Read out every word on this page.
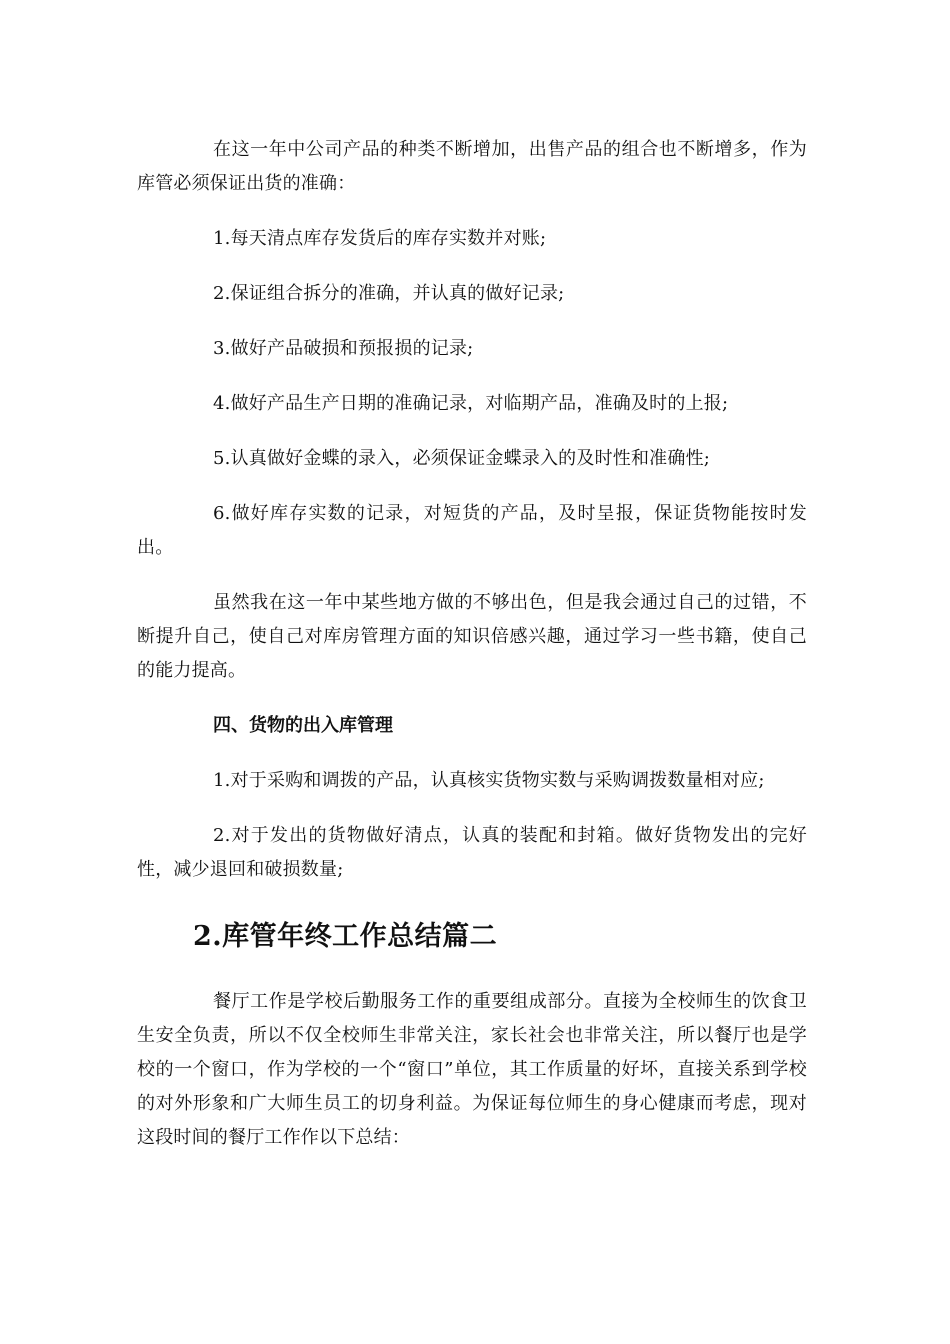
在这一年中公司产品的种类不断增加，出售产品的组合也不断增多，作为库管必须保证出货的准确：

1.每天清点库存发货后的库存实数并对账;

2.保证组合拆分的准确，并认真的做好记录;

3.做好产品破损和预报损的记录;

4.做好产品生产日期的准确记录，对临期产品，准确及时的上报;

5.认真做好金蝶的录入，必须保证金蝶录入的及时性和准确性;

6.做好库存实数的记录，对短货的产品，及时呈报，保证货物能按时发出。

虽然我在这一年中某些地方做的不够出色，但是我会通过自己的过错，不断提升自己，使自己对库房管理方面的知识倍感兴趣，通过学习一些书籍，使自己的能力提高。

四、货物的出入库管理

1.对于采购和调拨的产品，认真核实货物实数与采购调拨数量相对应;

2.对于发出的货物做好清点，认真的装配和封箱。做好货物发出的完好性，减少退回和破损数量;

2.库管年终工作总结篇二

餐厅工作是学校后勤服务工作的重要组成部分。直接为全校师生的饮食卫生安全负责，所以不仅全校师生非常关注，家长社会也非常关注，所以餐厅也是学校的一个窗口，作为学校的一个“窗口”单位，其工作质量的好坏，直接关系到学校的对外形象和广大师生员工的切身利益。为保证每位师生的身心健康而考虑，现对这段时间的餐厅工作作以下总结：
